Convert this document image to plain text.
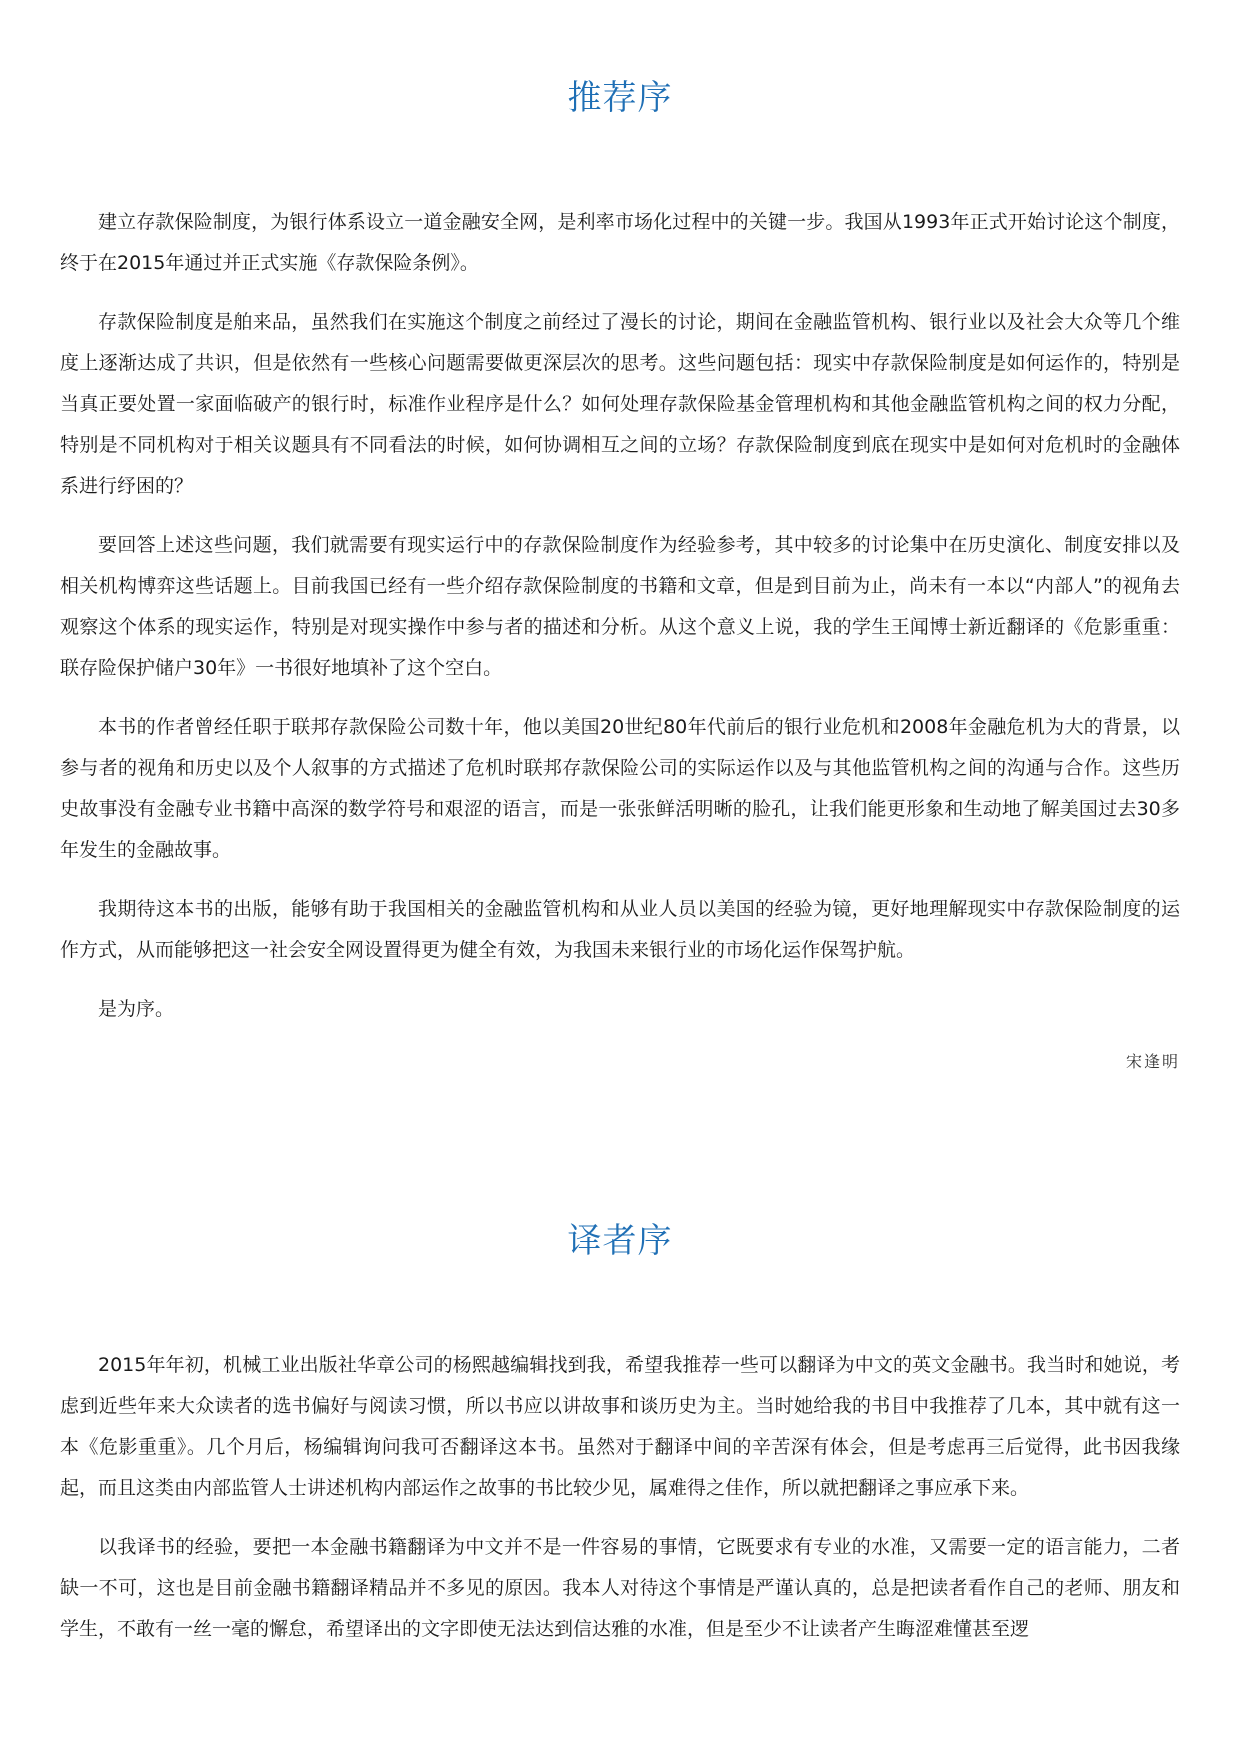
推荐序

建立存款保险制度，为银行体系设立一道金融安全网，是利率市场化过程中的关键一步。我国从1993年正式开始讨论这个制度，终于在2015年通过并正式实施《存款保险条例》。

存款保险制度是舶来品，虽然我们在实施这个制度之前经过了漫长的讨论，期间在金融监管机构、银行业以及社会大众等几个维度上逐渐达成了共识，但是依然有一些核心问题需要做更深层次的思考。这些问题包括：现实中存款保险制度是如何运作的，特别是当真正要处置一家面临破产的银行时，标准作业程序是什么？如何处理存款保险基金管理机构和其他金融监管机构之间的权力分配，特别是不同机构对于相关议题具有不同看法的时候，如何协调相互之间的立场？存款保险制度到底在现实中是如何对危机时的金融体系进行纾困的？

要回答上述这些问题，我们就需要有现实运行中的存款保险制度作为经验参考，其中较多的讨论集中在历史演化、制度安排以及相关机构博弈这些话题上。目前我国已经有一些介绍存款保险制度的书籍和文章，但是到目前为止，尚未有一本以“内部人”的视角去观察这个体系的现实运作，特别是对现实操作中参与者的描述和分析。从这个意义上说，我的学生王闻博士新近翻译的《危影重重：联存险保护储户30年》一书很好地填补了这个空白。

本书的作者曾经任职于联邦存款保险公司数十年，他以美国20世纪80年代前后的银行业危机和2008年金融危机为大的背景，以参与者的视角和历史以及个人叙事的方式描述了危机时联邦存款保险公司的实际运作以及与其他监管机构之间的沟通与合作。这些历史故事没有金融专业书籍中高深的数学符号和艰涩的语言，而是一张张鲜活明晰的脸孔，让我们能更形象和生动地了解美国过去30多年发生的金融故事。

我期待这本书的出版，能够有助于我国相关的金融监管机构和从业人员以美国的经验为镜，更好地理解现实中存款保险制度的运作方式，从而能够把这一社会安全网设置得更为健全有效，为我国未来银行业的市场化运作保驾护航。

是为序。

宋逢明
译者序

2015年年初，机械工业出版社华章公司的杨熙越编辑找到我，希望我推荐一些可以翻译为中文的英文金融书。我当时和她说，考虑到近些年来大众读者的选书偏好与阅读习惯，所以书应以讲故事和谈历史为主。当时她给我的书目中我推荐了几本，其中就有这一本《危影重重》。几个月后，杨编辑询问我可否翻译这本书。虽然对于翻译中间的辛苦深有体会，但是考虑再三后觉得，此书因我缘起，而且这类由内部监管人士讲述机构内部运作之故事的书比较少见，属难得之佳作，所以就把翻译之事应承下来。

以我译书的经验，要把一本金融书籍翻译为中文并不是一件容易的事情，它既要求有专业的水准，又需要一定的语言能力，二者缺一不可，这也是目前金融书籍翻译精品并不多见的原因。我本人对待这个事情是严谨认真的，总是把读者看作自己的老师、朋友和学生，不敢有一丝一毫的懈怠，希望译出的文字即使无法达到信达雅的水准，但是至少不让读者产生晦涩难懂甚至逻
